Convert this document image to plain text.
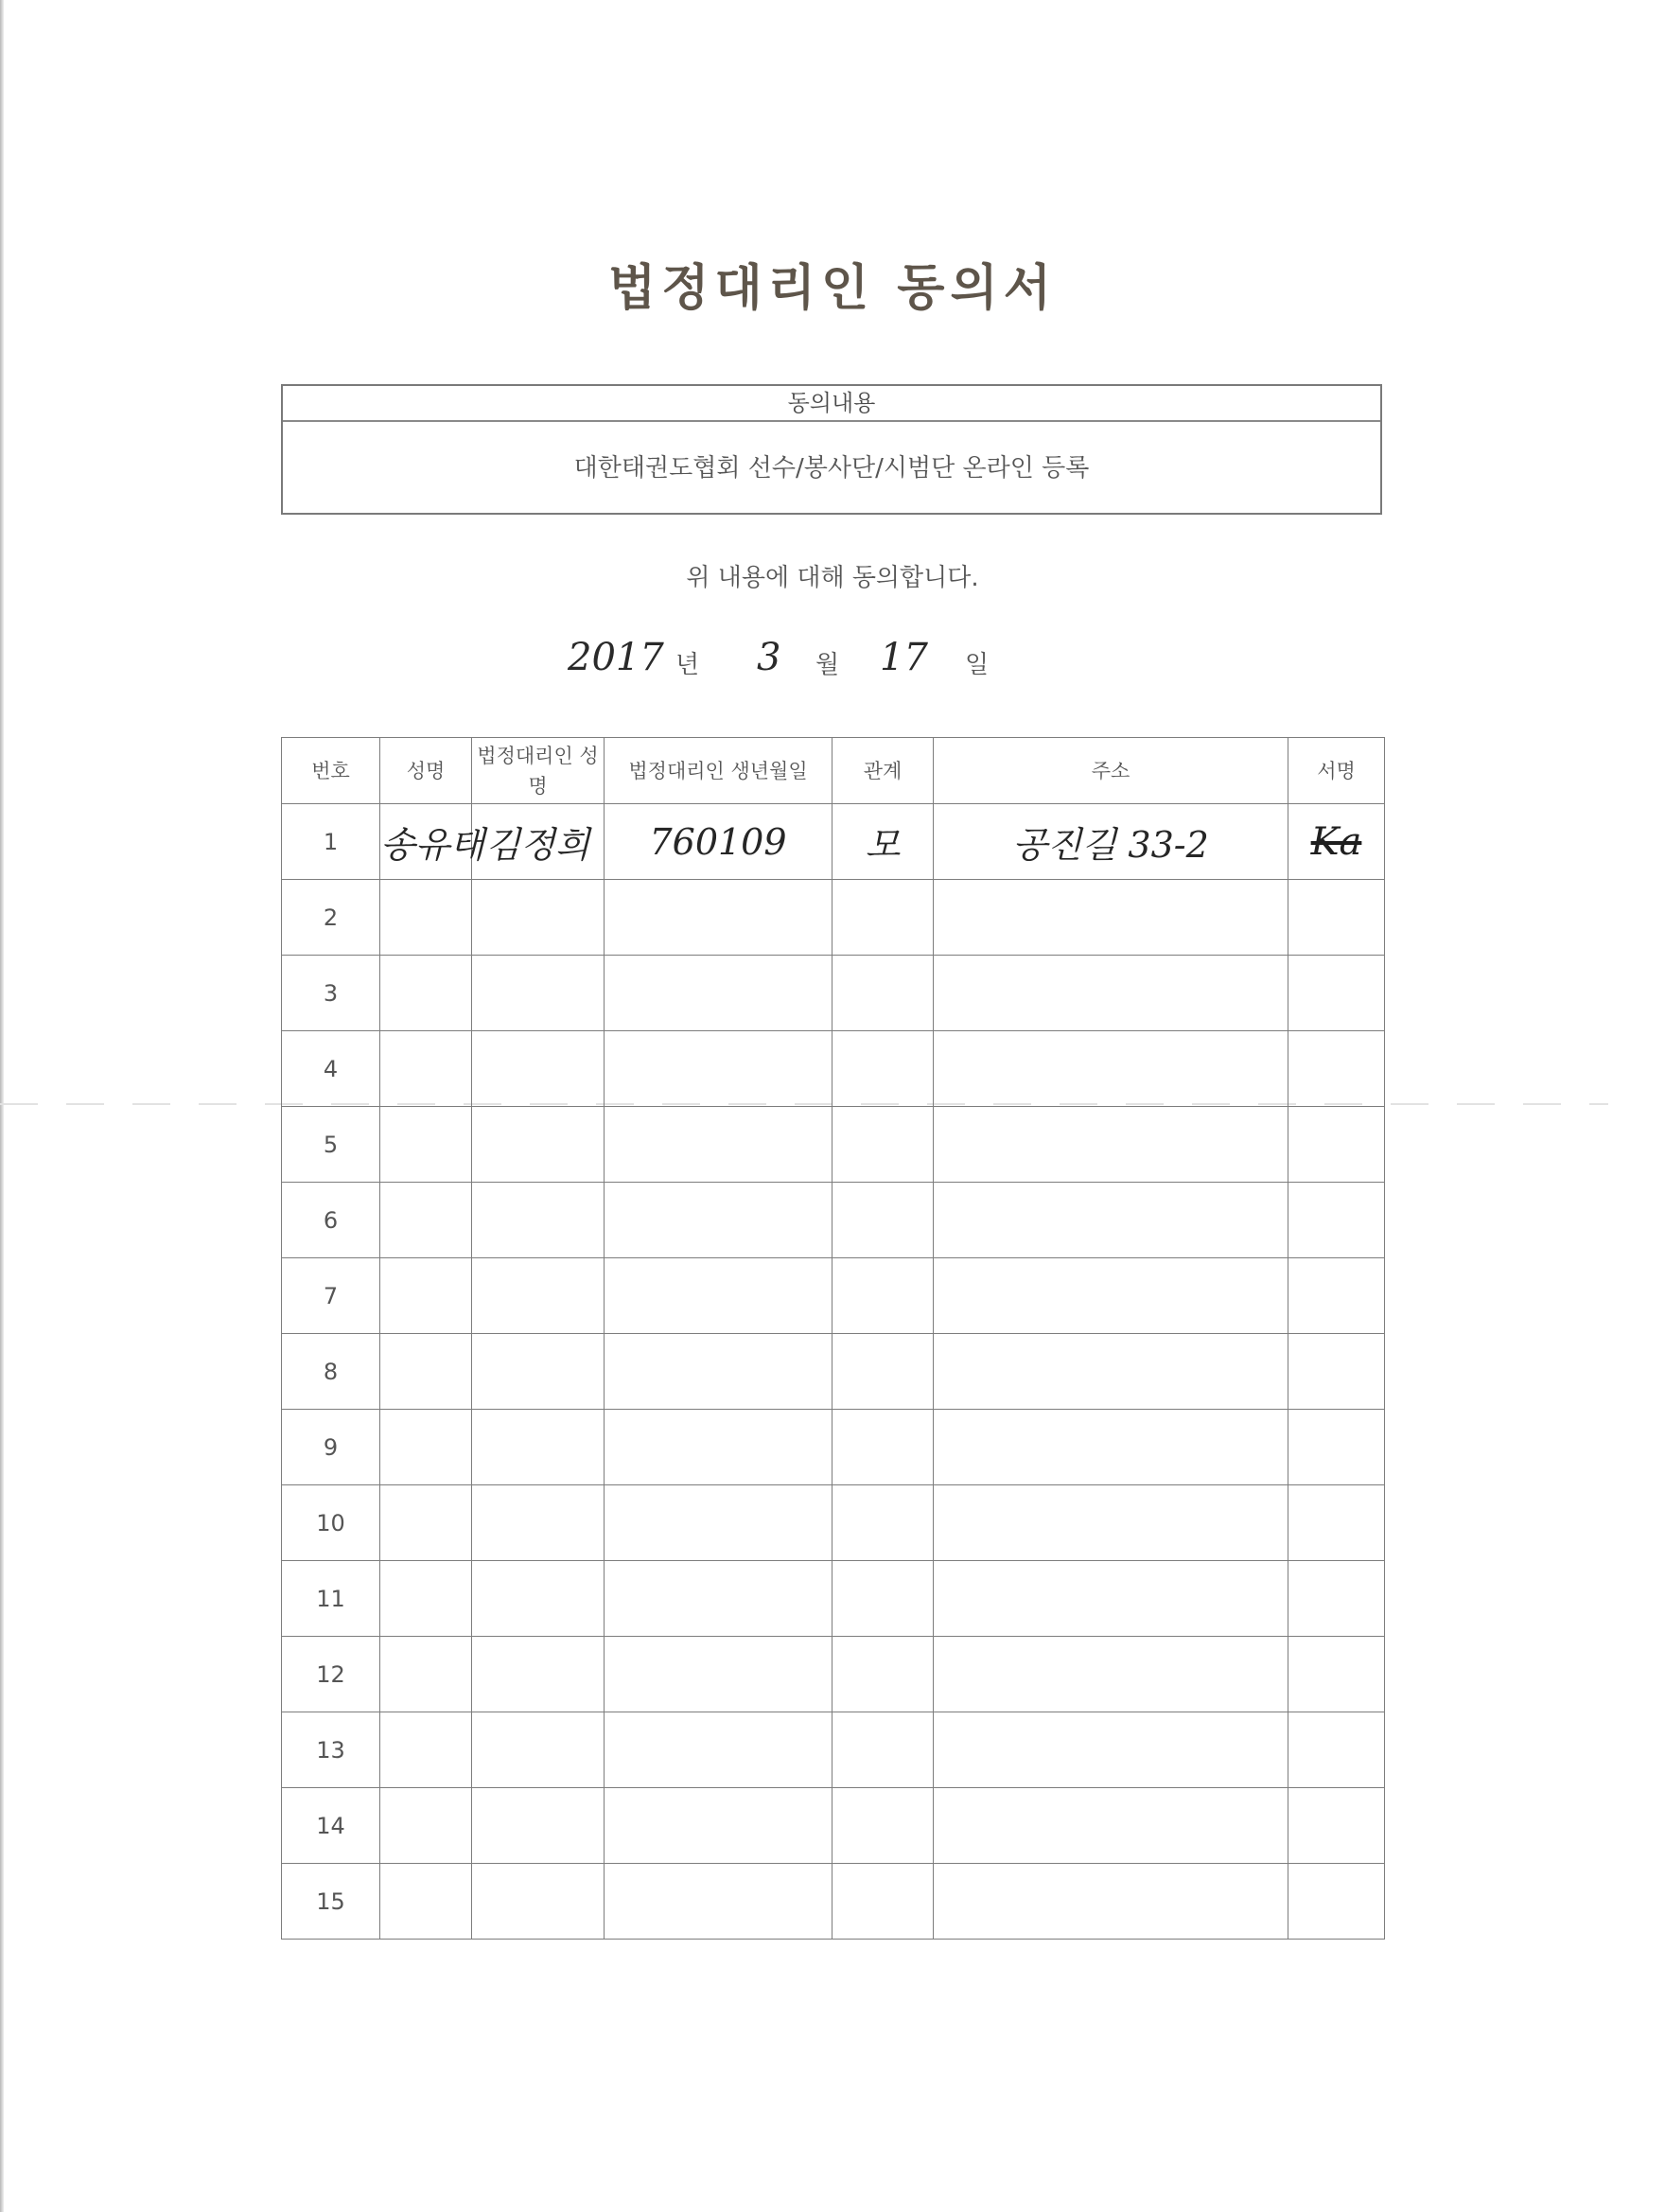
법정대리인 동의서
동의내용
대한태권도협회 선수/봉사단/시범단 온라인 등록
위 내용에 대해 동의합니다.
2017 년 3 월 17 일
번호	성명	법정대리인 성명	법정대리인 생년월일	관계	주소	서명
1	송유태	김정희	760109	모	공진길 33-2	Ka
2						
3						
4						
5						
6						
7						
8						
9						
10						
11						
12						
13						
14						
15						
